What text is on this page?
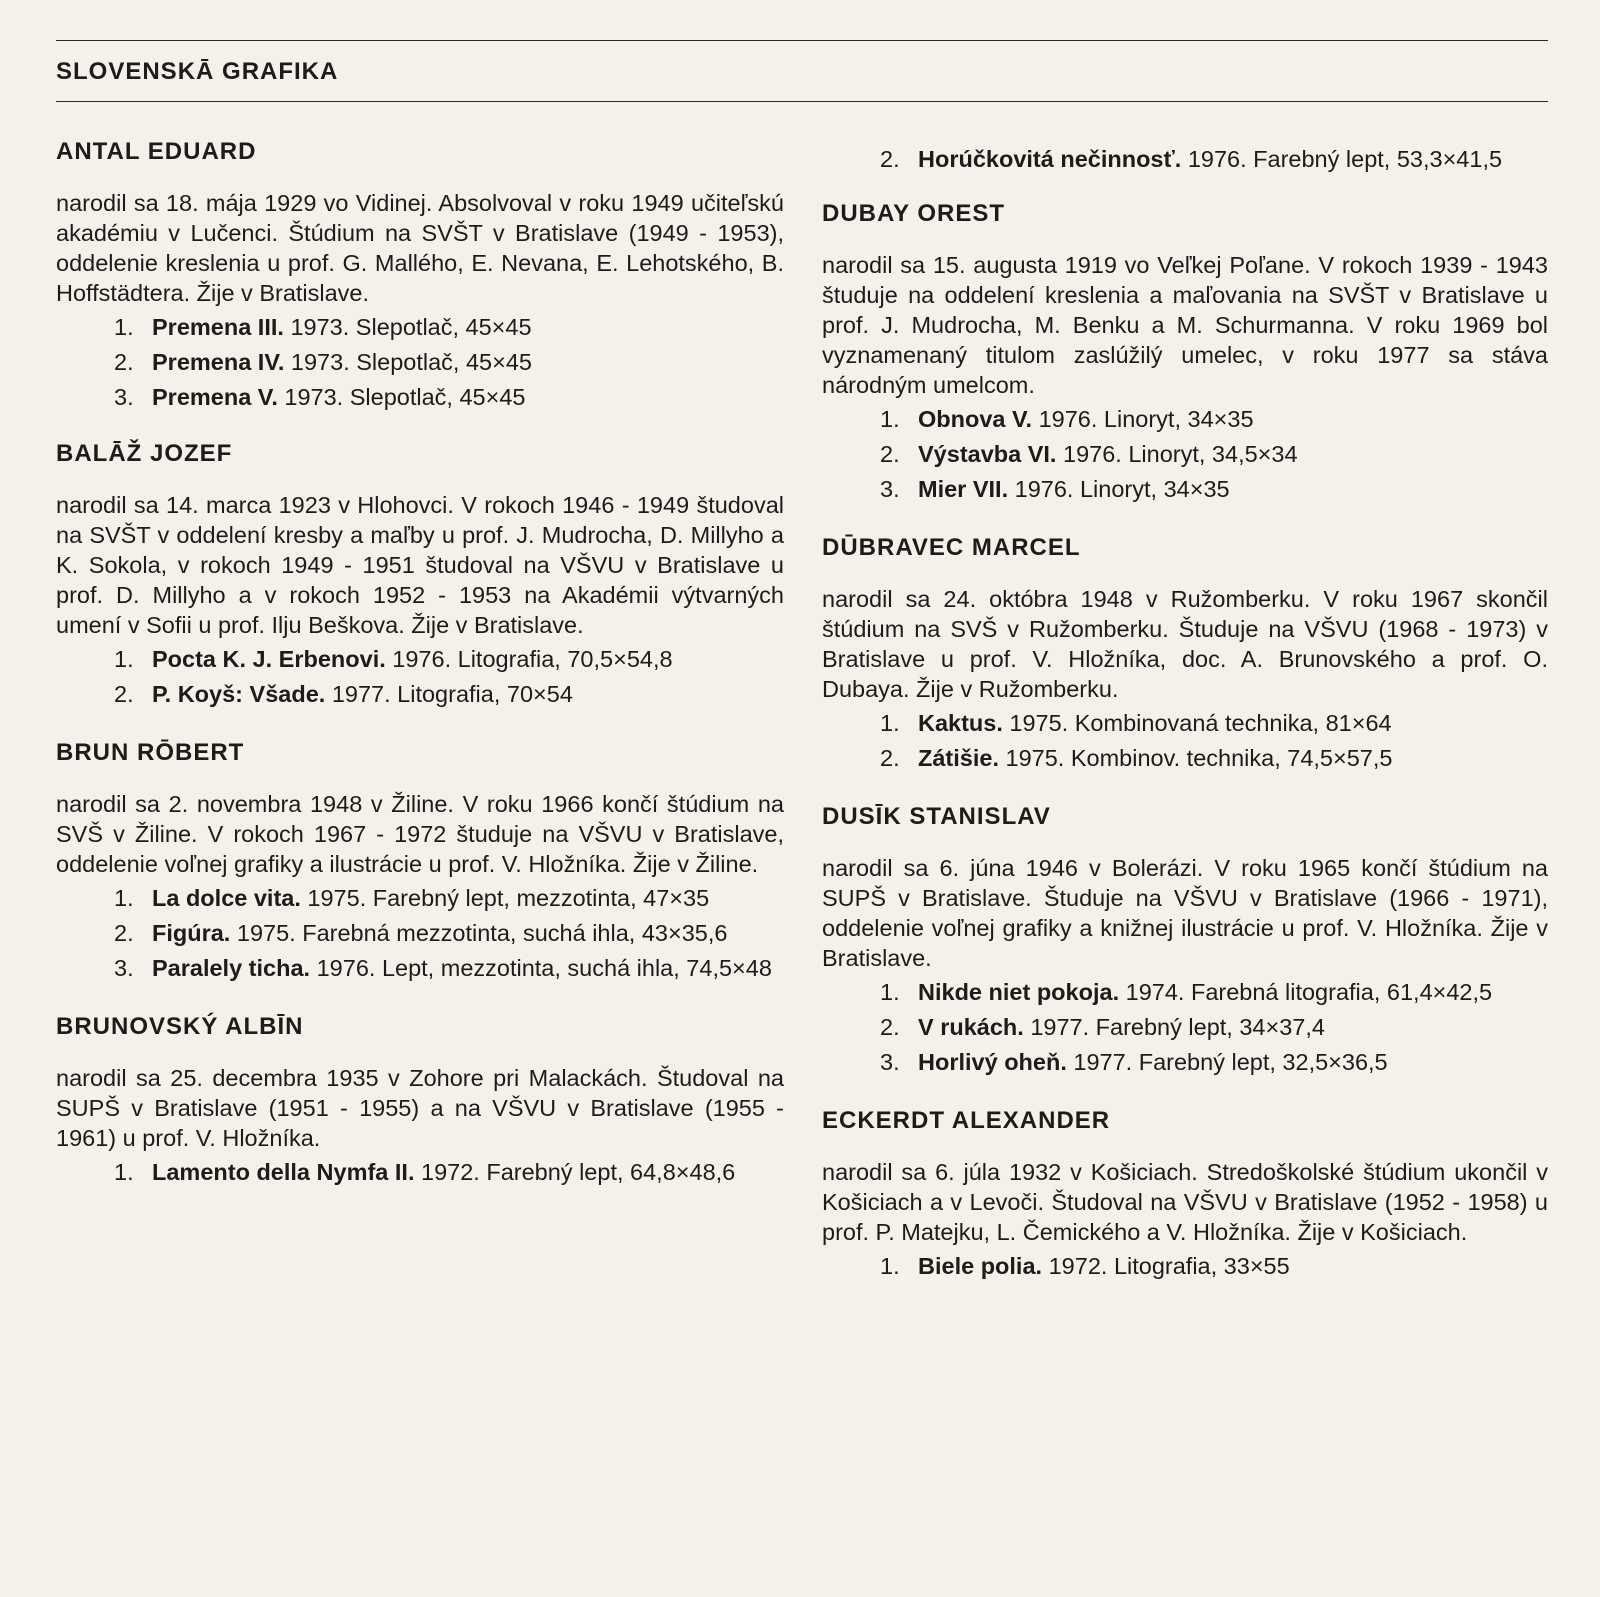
SLOVENSKĀ GRAFIKA
ANTAL EDUARD

narodil sa 18. mája 1929 vo Vidinej. Absolvoval v roku 1949 učiteľskú akadémiu v Lučenci. Štúdium na SVŠT v Bratislave (1949 - 1953), oddelenie kreslenia u prof. G. Mallého, E. Nevana, E. Lehotského, B. Hoffstädtera. Žije v Bratislave.

1. Premena III. 1973. Slepotlač, 45×45
2. Premena IV. 1973. Slepotlač, 45×45
3. Premena V. 1973. Slepotlač, 45×45
BALĀŽ JOZEF

narodil sa 14. marca 1923 v Hlohovci. V rokoch 1946 - 1949 študoval na SVŠT v oddelení kresby a maľby u prof. J. Mudrocha, D. Millyho a K. Sokola, v rokoch 1949 - 1951 študoval na VŠVU v Bratislave u prof. D. Millyho a v rokoch 1952 - 1953 na Akadémii výtvarných umení v Sofii u prof. Ilju Beškova. Žije v Bratislave.

1. Pocta K. J. Erbenovi. 1976. Litografia, 70,5×54,8
2. P. Koyš: Všade. 1977. Litografia, 70×54
BRUN RŌBERT

narodil sa 2. novembra 1948 v Žiline. V roku 1966 končí štúdium na SVŠ v Žiline. V rokoch 1967 - 1972 študuje na VŠVU v Bratislave, oddelenie voľnej grafiky a ilustrácie u prof. V. Hložníka. Žije v Žiline.

1. La dolce vita. 1975. Farebný lept, mezzotinta, 47×35
2. Figúra. 1975. Farebná mezzotinta, suchá ihla, 43×35,6
3. Paralely ticha. 1976. Lept, mezzotinta, suchá ihla, 74,5×48
BRUNOVSKÝ ALBĪN

narodil sa 25. decembra 1935 v Zohore pri Malackách. Študoval na SUPŠ v Bratislave (1951 - 1955) a na VŠVU v Bratislave (1955 - 1961) u prof. V. Hložníka.

1. Lamento della Nymfa II. 1972. Farebný lept, 64,8×48,6
2. Horúčkovitá nečinnosť. 1976. Farebný lept, 53,3×41,5
DUBAY OREST

narodil sa 15. augusta 1919 vo Veľkej Poľane. V rokoch 1939 - 1943 študuje na oddelení kreslenia a maľovania na SVŠT v Bratislave u prof. J. Mudrocha, M. Benku a M. Schurmanna. V roku 1969 bol vyznamenaný titulom zaslúžilý umelec, v roku 1977 sa stáva národným umelcom.

1. Obnova V. 1976. Linoryt, 34×35
2. Výstavba VI. 1976. Linoryt, 34,5×34
3. Mier VII. 1976. Linoryt, 34×35
DŪBRAVEC MARCEL

narodil sa 24. októbra 1948 v Ružomberku. V roku 1967 skončil štúdium na SVŠ v Ružomberku. Študuje na VŠVU (1968 - 1973) v Bratislave u prof. V. Hložníka, doc. A. Brunovského a prof. O. Dubaya. Žije v Ružomberku.

1. Kaktus. 1975. Kombinovaná technika, 81×64
2. Zátišie. 1975. Kombinov. technika, 74,5×57,5
DUSĪK STANISLAV

narodil sa 6. júna 1946 v Bolerázi. V roku 1965 končí štúdium na SUPŠ v Bratislave. Študuje na VŠVU v Bratislave (1966 - 1971), oddelenie voľnej grafiky a knižnej ilustrácie u prof. V. Hložníka. Žije v Bratislave.

1. Nikde niet pokoja. 1974. Farebná litografia, 61,4×42,5
2. V rukách. 1977. Farebný lept, 34×37,4
3. Horlivý oheň. 1977. Farebný lept, 32,5×36,5
ECKERDT ALEXANDER

narodil sa 6. júla 1932 v Košiciach. Stredoškolské štúdium ukončil v Košiciach a v Levoči. Študoval na VŠVU v Bratislave (1952 - 1958) u prof. P. Matejku, L. Čemického a V. Hložníka. Žije v Košiciach.

1. Biele polia. 1972. Litografia, 33×55
